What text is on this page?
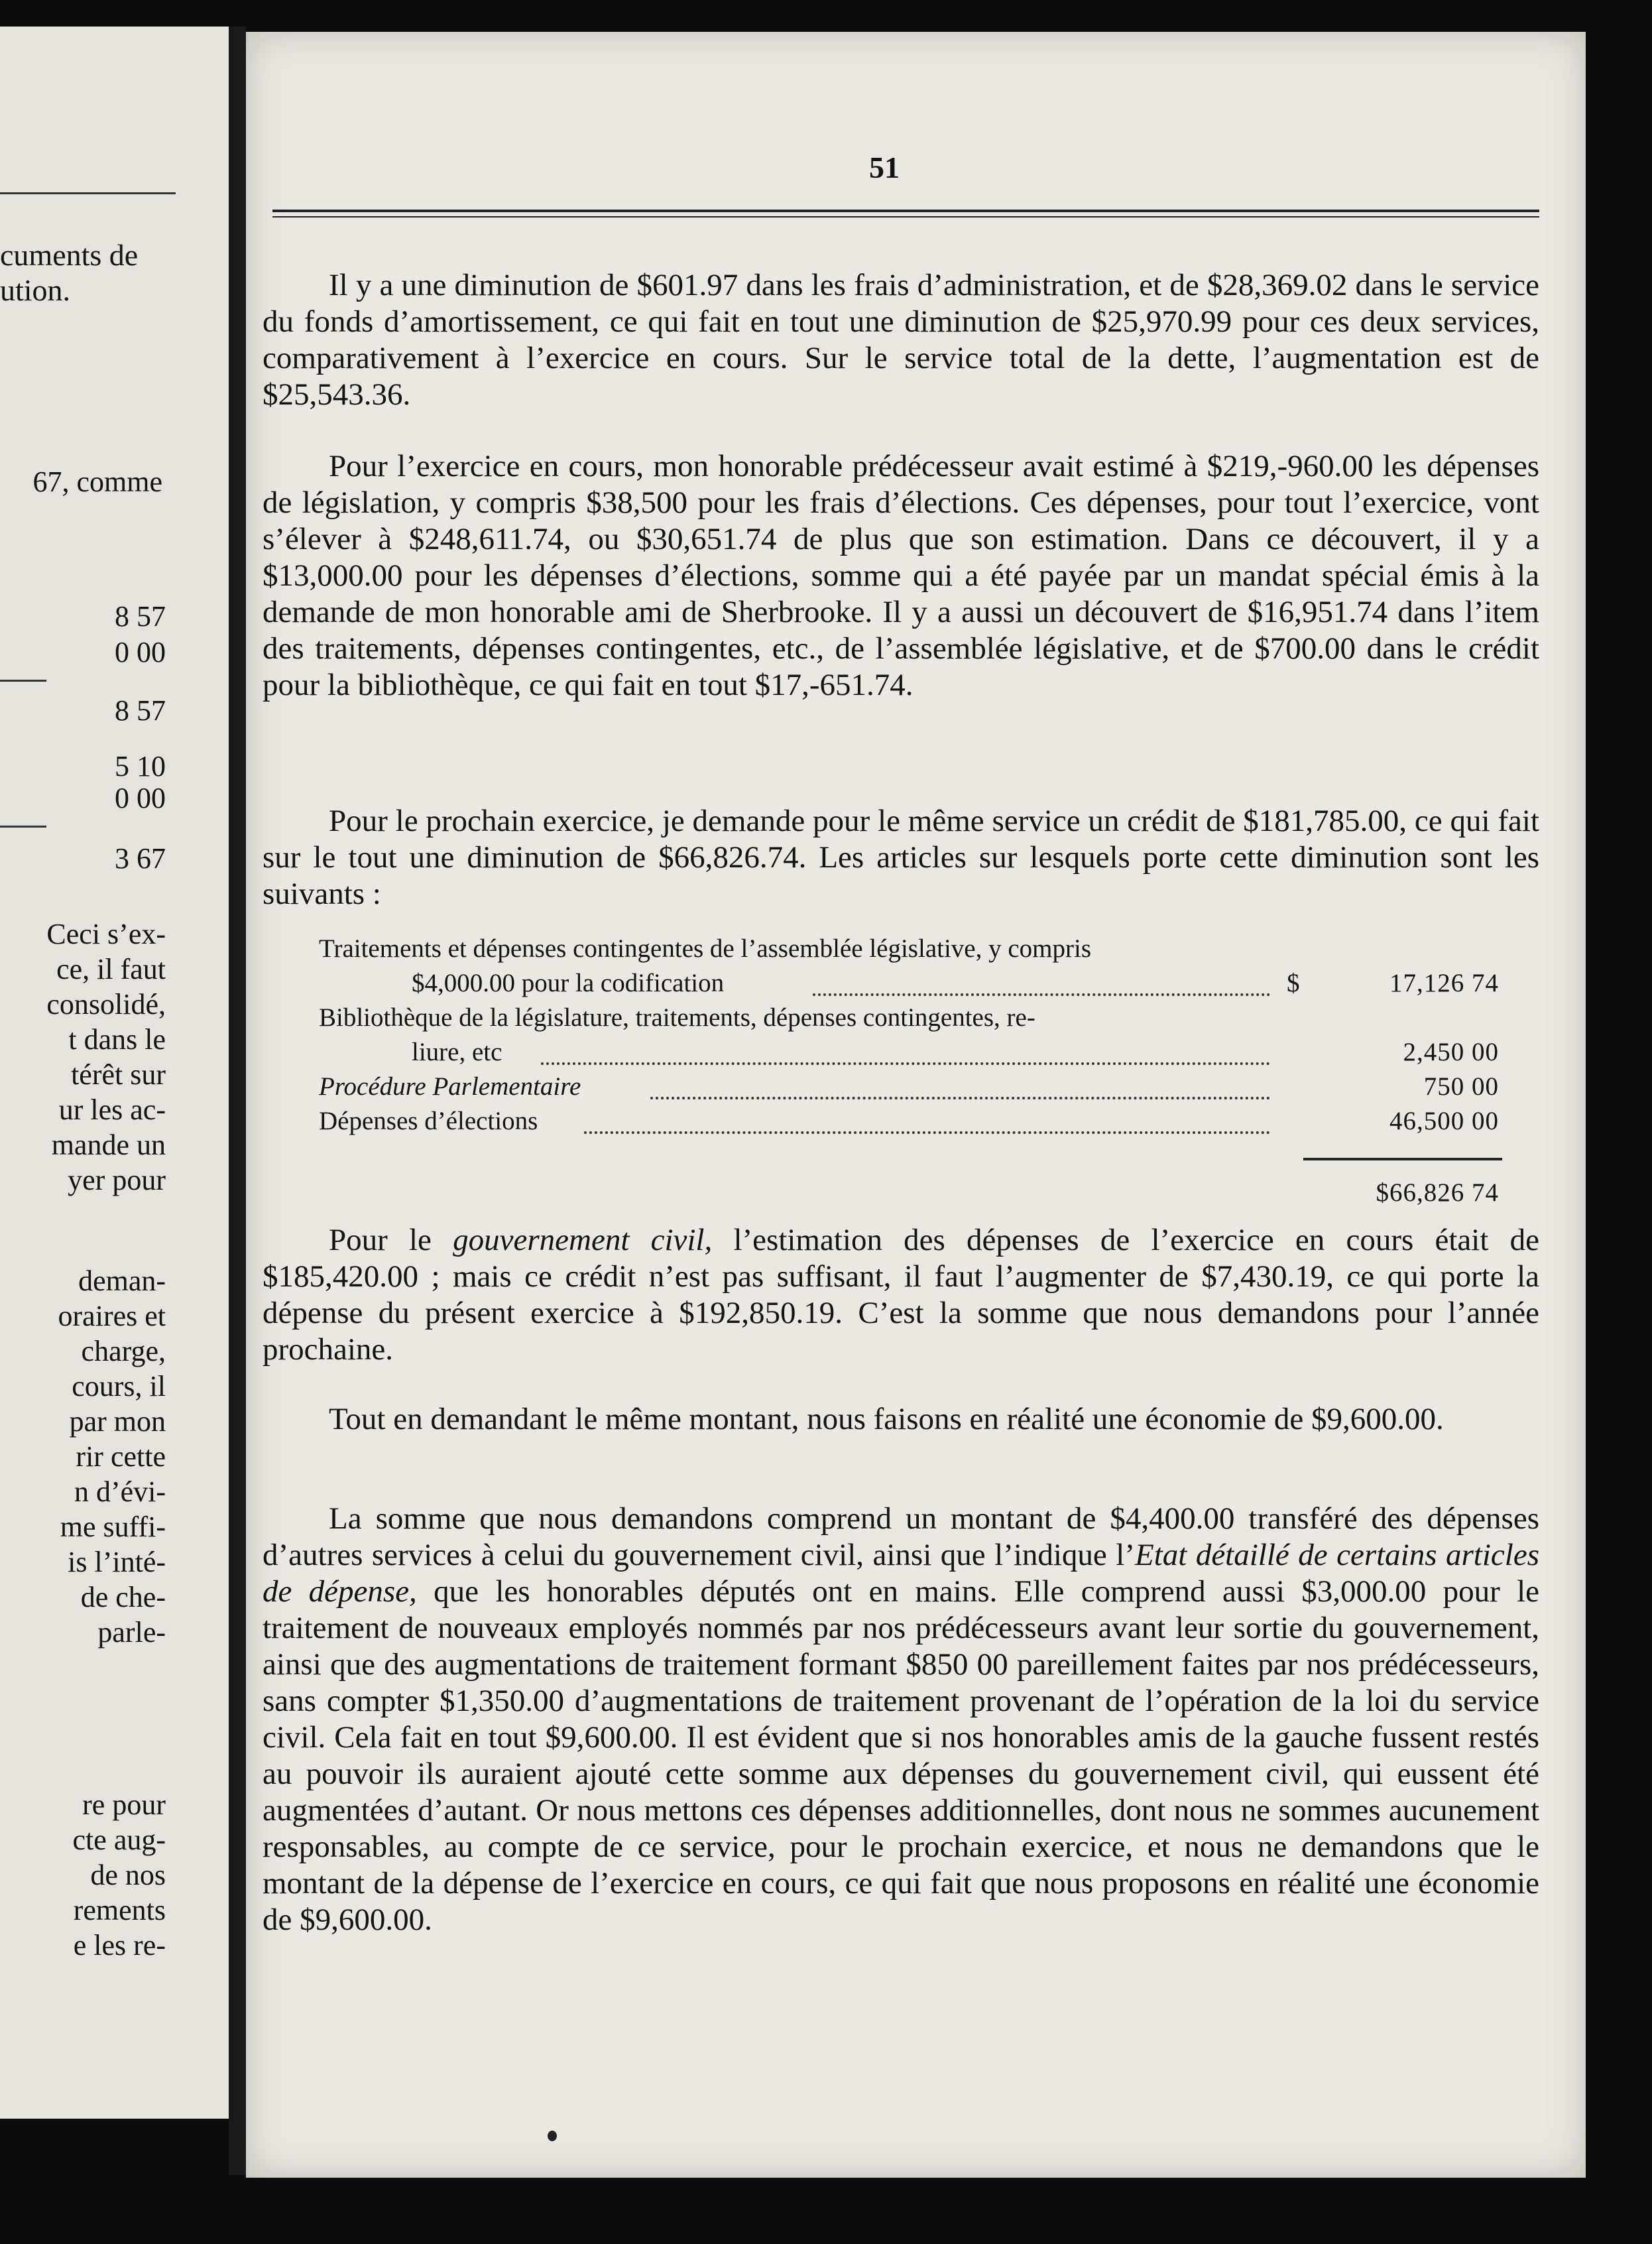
cuments de
ution.
67, comme
8 57
0 00
8 57
5 10
0 00
3 67
Ceci s’ex-
ce, il faut
consolidé,
t dans le
térêt sur
ur les ac-
mande un
yer pour
deman-
oraires et
charge,
cours, il
par mon
rir cette
n d’évi-
me suffi-
is l’inté-
de che-
parle-
re pour
cte aug-
de nos
rements
e les re-
51

Il y a une diminution de $601.97 dans les frais d’administration, et de $28,369.02 dans le service du fonds d’amortissement, ce qui fait en tout une diminution de $25,970.99 pour ces deux services, comparativement à l’exercice en cours. Sur le service total de la dette, l’augmentation est de $25,543.36.

Pour l’exercice en cours, mon honorable prédécesseur avait estimé à $219,-960.00 les dépenses de législation, y compris $38,500 pour les frais d’élections. Ces dépenses, pour tout l’exercice, vont s’élever à $248,611.74, ou $30,651.74 de plus que son estimation. Dans ce découvert, il y a $13,000.00 pour les dépenses d’élections, somme qui a été payée par un mandat spécial émis à la demande de mon honorable ami de Sherbrooke. Il y a aussi un découvert de $16,951.74 dans l’item des traitements, dépenses contingentes, etc., de l’assemblée législative, et de $700.00 dans le crédit pour la bibliothèque, ce qui fait en tout $17,-651.74.

Pour le prochain exercice, je demande pour le même service un crédit de $181,785.00, ce qui fait sur le tout une diminution de $66,826.74. Les articles sur lesquels porte cette diminution sont les suivants :

Traitements et dépenses contingentes de l’assemblée législative, y compris
$4,000.00 pour la codification	$	17,126 74
Bibliothèque de la législature, traitements, dépenses contingentes, re-
liure, etc	2,450 00
Procédure Parlementaire	750 00
Dépenses d’élections	46,500 00
$66,826 74

Pour le gouvernement civil, l’estimation des dépenses de l’exercice en cours était de $185,420.00 ; mais ce crédit n’est pas suffisant, il faut l’augmenter de $7,430.19, ce qui porte la dépense du présent exercice à $192,850.19. C’est la somme que nous demandons pour l’année prochaine.

Tout en demandant le même montant, nous faisons en réalité une économie de $9,600.00.

La somme que nous demandons comprend un montant de $4,400.00 transféré des dépenses d’autres services à celui du gouvernement civil, ainsi que l’indique l’Etat détaillé de certains articles de dépense, que les honorables députés ont en mains. Elle comprend aussi $3,000.00 pour le traitement de nouveaux employés nommés par nos prédécesseurs avant leur sortie du gouvernement, ainsi que des augmentations de traitement formant $850 00 pareillement faites par nos prédécesseurs, sans compter $1,350.00 d’augmentations de traitement provenant de l’opération de la loi du service civil. Cela fait en tout $9,600.00. Il est évident que si nos honorables amis de la gauche fussent restés au pouvoir ils auraient ajouté cette somme aux dépenses du gouvernement civil, qui eussent été augmentées d’autant. Or nous mettons ces dépenses additionnelles, dont nous ne sommes aucunement responsables, au compte de ce service, pour le prochain exercice, et nous ne demandons que le montant de la dépense de l’exercice en cours, ce qui fait que nous proposons en réalité une économie de $9,600.00.
